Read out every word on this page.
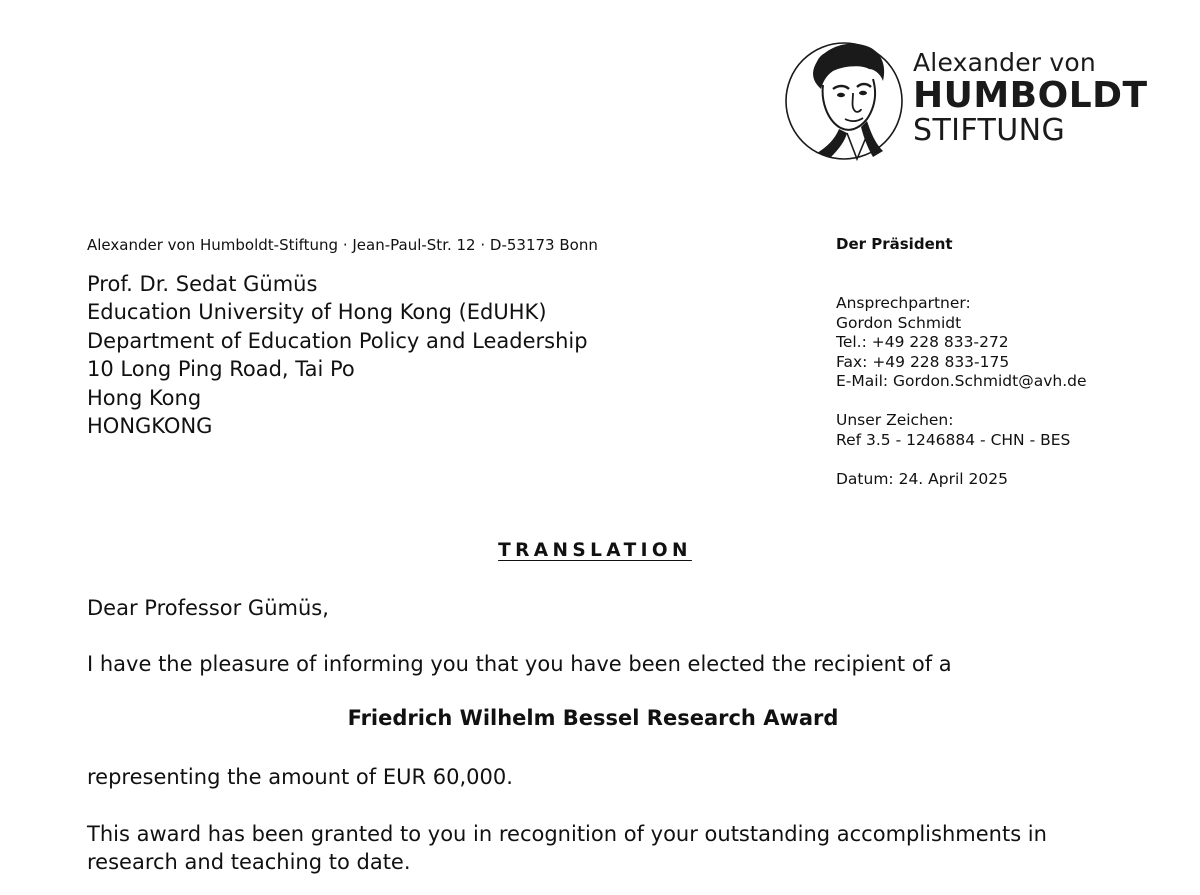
Alexander von
HUMBOLDT
STIFTUNG
Alexander von Humboldt-Stiftung · Jean-Paul-Str. 12 · D-53173 Bonn
Prof. Dr. Sedat Gümüs
Education University of Hong Kong (EdUHK)
Department of Education Policy and Leadership
10 Long Ping Road, Tai Po
Hong Kong
HONGKONG
Der Präsident
Ansprechpartner:
Gordon Schmidt
Tel.: +49 228 833-272
Fax: +49 228 833-175
E-Mail: Gordon.Schmidt@avh.de
Unser Zeichen:
Ref 3.5 - 1246884 - CHN - BES
Datum: 24. April 2025
TRANSLATION
Dear Professor Gümüs,
I have the pleasure of informing you that you have been elected the recipient of a
Friedrich Wilhelm Bessel Research Award
representing the amount of EUR 60,000.
This award has been granted to you in recognition of your outstanding accomplishments in research and teaching to date.
